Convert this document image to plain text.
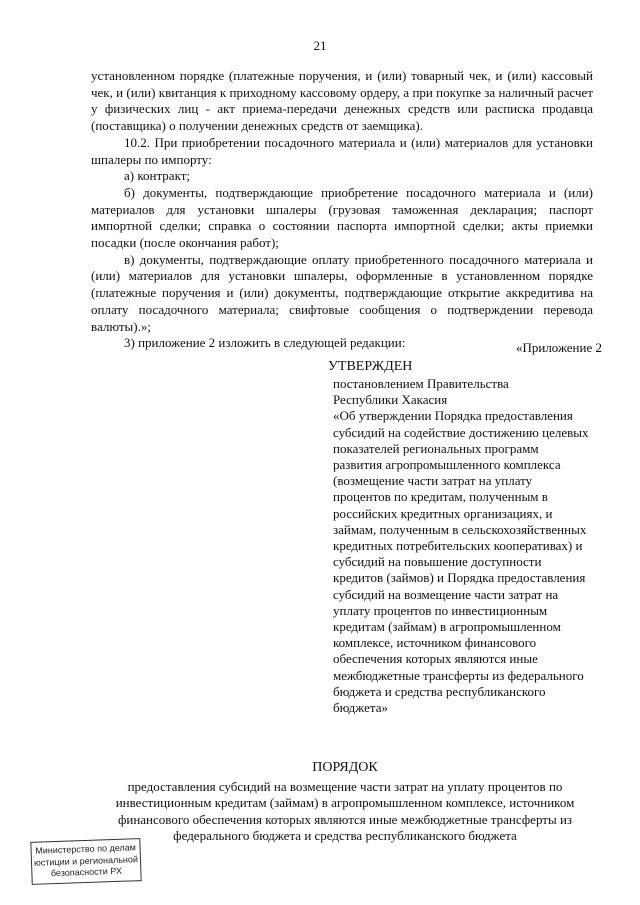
21

установленном порядке (платежные поручения, и (или) товарный чек, и (или) кассовый чек, и (или) квитанция к приходному кассовому ордеру, а при покупке за наличный расчет у физических лиц - акт приема-передачи денежных средств или расписка продавца (поставщика) о получении денежных средств от заемщика).

10.2. При приобретении посадочного материала и (или) материалов для установки шпалеры по импорту:

а) контракт;

б) документы, подтверждающие приобретение посадочного материала и (или) материалов для установки шпалеры (грузовая таможенная декларация; паспорт импортной сделки; справка о состоянии паспорта импортной сделки; акты приемки посадки (после окончания работ);

в) документы, подтверждающие оплату приобретенного посадочного материала и (или) материалов для установки шпалеры, оформленные в установленном порядке (платежные поручения и (или) документы, подтверждающие открытие аккредитива на оплату посадочного материала; свифтовые сообщения о подтверждении перевода валюты).»;

3) приложение 2 изложить в следующей редакции:	«Приложение 2

УТВЕРЖДЕН

постановлением Правительства

Республики Хакасия

«Об утверждении Порядка предоставления субсидий на содействие достижению целевых показателей региональных программ развития агропромышленного комплекса (возмещение части затрат на уплату процентов по кредитам, полученным в российских кредитных организациях, и займам, полученным в сельскохозяйственных кредитных потребительских кооперативах) и субсидий на повышение доступности кредитов (займов) и Порядка предоставления субсидий на возмещение части затрат на уплату процентов по инвестиционным кредитам (займам) в агропромышленном комплексе, источником финансового обеспечения которых являются иные межбюджетные трансферты из федерального бюджета и средства республиканского бюджета»

ПОРЯДОК

предоставления субсидий на возмещение части затрат на уплату процентов по инвестиционным кредитам (займам) в агропромышленном комплексе, источником финансового обеспечения которых являются иные межбюджетные трансферты из федерального бюджета и средства республиканского бюджета

Министерство по делам
юстиции и региональной
безопасности РХ
